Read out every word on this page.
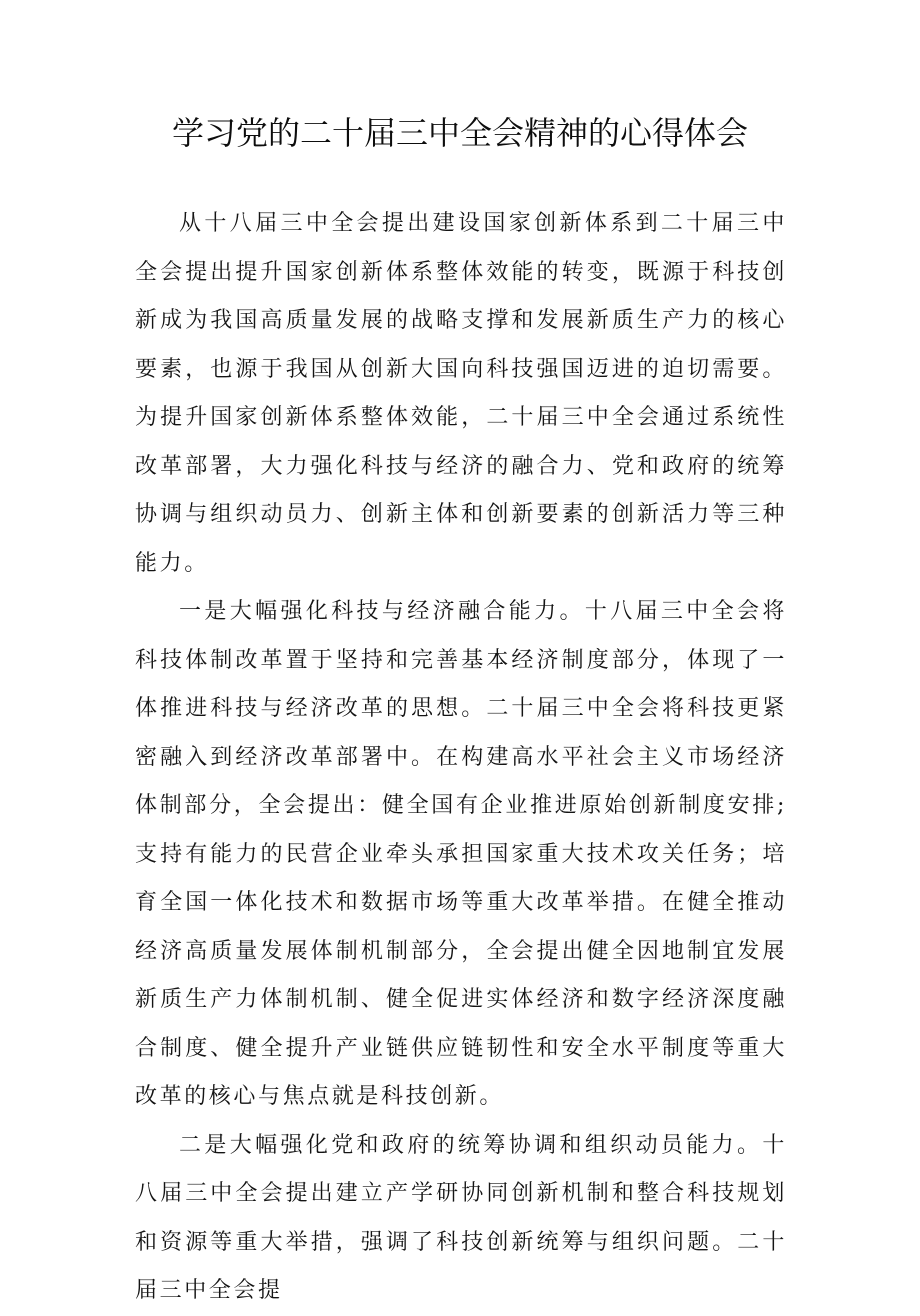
学习党的二十届三中全会精神的心得体会

从十八届三中全会提出建设国家创新体系到二十届三中全会提出提升国家创新体系整体效能的转变，既源于科技创新成为我国高质量发展的战略支撑和发展新质生产力的核心要素，也源于我国从创新大国向科技强国迈进的迫切需要。为提升国家创新体系整体效能，二十届三中全会通过系统性改革部署，大力强化科技与经济的融合力、党和政府的统筹协调与组织动员力、创新主体和创新要素的创新活力等三种能力。

一是大幅强化科技与经济融合能力。十八届三中全会将科技体制改革置于坚持和完善基本经济制度部分，体现了一体推进科技与经济改革的思想。二十届三中全会将科技更紧密融入到经济改革部署中。在构建高水平社会主义市场经济体制部分，全会提出：健全国有企业推进原始创新制度安排;支持有能力的民营企业牵头承担国家重大技术攻关任务；培育全国一体化技术和数据市场等重大改革举措。在健全推动经济高质量发展体制机制部分，全会提出健全因地制宜发展新质生产力体制机制、健全促进实体经济和数字经济深度融合制度、健全提升产业链供应链韧性和安全水平制度等重大改革的核心与焦点就是科技创新。

二是大幅强化党和政府的统筹协调和组织动员能力。十八届三中全会提出建立产学研协同创新机制和整合科技规划和资源等重大举措，强调了科技创新统筹与组织问题。二十届三中全会提
